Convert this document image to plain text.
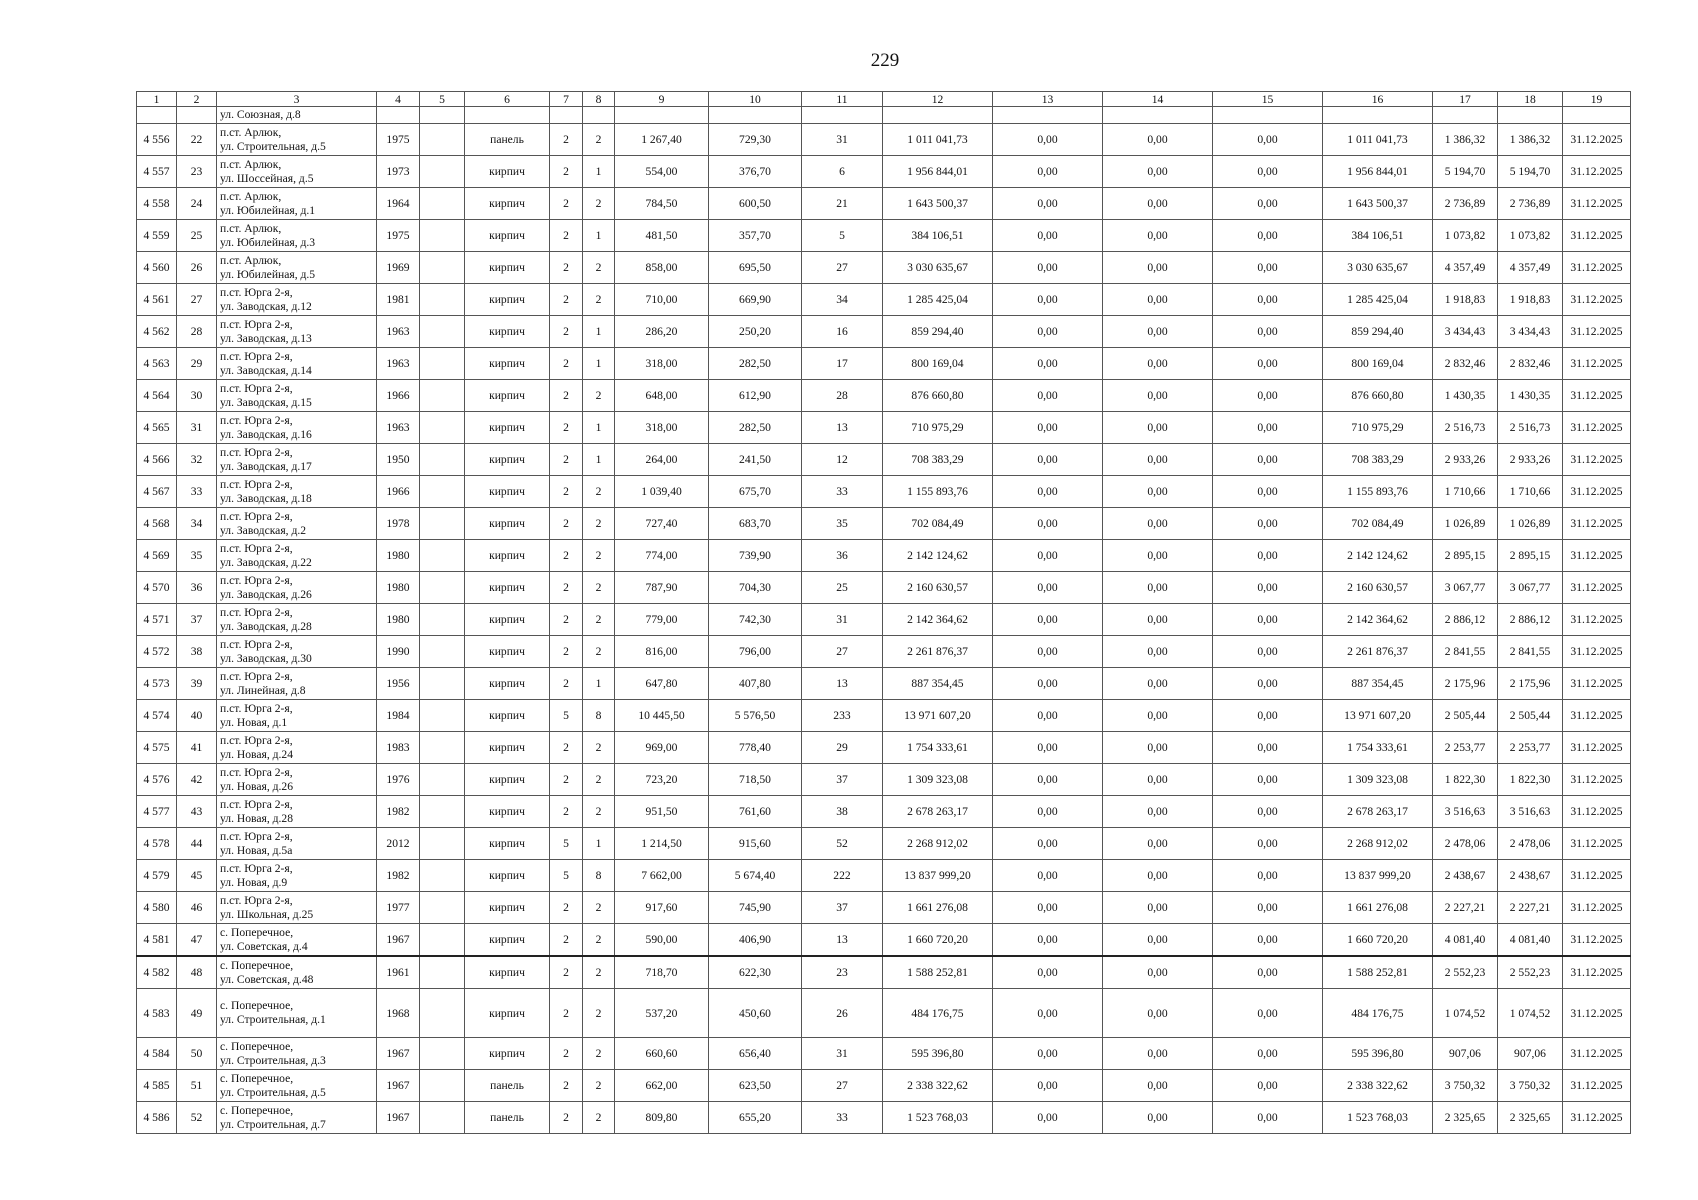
229
1	2	3	4	5	6	7	8	9	10	11	12	13	14	15	16	17	18	19
		ул. Союзная, д.8																
4 556	22	п.ст. Арлюк,
ул. Строительная, д.5	1975		панель	2	2	1 267,40	729,30	31	1 011 041,73	0,00	0,00	0,00	1 011 041,73	1 386,32	1 386,32	31.12.2025
4 557	23	п.ст. Арлюк,
ул. Шоссейная, д.5	1973		кирпич	2	1	554,00	376,70	6	1 956 844,01	0,00	0,00	0,00	1 956 844,01	5 194,70	5 194,70	31.12.2025
4 558	24	п.ст. Арлюк,
ул. Юбилейная, д.1	1964		кирпич	2	2	784,50	600,50	21	1 643 500,37	0,00	0,00	0,00	1 643 500,37	2 736,89	2 736,89	31.12.2025
4 559	25	п.ст. Арлюк,
ул. Юбилейная, д.3	1975		кирпич	2	1	481,50	357,70	5	384 106,51	0,00	0,00	0,00	384 106,51	1 073,82	1 073,82	31.12.2025
4 560	26	п.ст. Арлюк,
ул. Юбилейная, д.5	1969		кирпич	2	2	858,00	695,50	27	3 030 635,67	0,00	0,00	0,00	3 030 635,67	4 357,49	4 357,49	31.12.2025
4 561	27	п.ст. Юрга 2-я,
ул. Заводская, д.12	1981		кирпич	2	2	710,00	669,90	34	1 285 425,04	0,00	0,00	0,00	1 285 425,04	1 918,83	1 918,83	31.12.2025
4 562	28	п.ст. Юрга 2-я,
ул. Заводская, д.13	1963		кирпич	2	1	286,20	250,20	16	859 294,40	0,00	0,00	0,00	859 294,40	3 434,43	3 434,43	31.12.2025
4 563	29	п.ст. Юрга 2-я,
ул. Заводская, д.14	1963		кирпич	2	1	318,00	282,50	17	800 169,04	0,00	0,00	0,00	800 169,04	2 832,46	2 832,46	31.12.2025
4 564	30	п.ст. Юрга 2-я,
ул. Заводская, д.15	1966		кирпич	2	2	648,00	612,90	28	876 660,80	0,00	0,00	0,00	876 660,80	1 430,35	1 430,35	31.12.2025
4 565	31	п.ст. Юрга 2-я,
ул. Заводская, д.16	1963		кирпич	2	1	318,00	282,50	13	710 975,29	0,00	0,00	0,00	710 975,29	2 516,73	2 516,73	31.12.2025
4 566	32	п.ст. Юрга 2-я,
ул. Заводская, д.17	1950		кирпич	2	1	264,00	241,50	12	708 383,29	0,00	0,00	0,00	708 383,29	2 933,26	2 933,26	31.12.2025
4 567	33	п.ст. Юрга 2-я,
ул. Заводская, д.18	1966		кирпич	2	2	1 039,40	675,70	33	1 155 893,76	0,00	0,00	0,00	1 155 893,76	1 710,66	1 710,66	31.12.2025
4 568	34	п.ст. Юрга 2-я,
ул. Заводская, д.2	1978		кирпич	2	2	727,40	683,70	35	702 084,49	0,00	0,00	0,00	702 084,49	1 026,89	1 026,89	31.12.2025
4 569	35	п.ст. Юрга 2-я,
ул. Заводская, д.22	1980		кирпич	2	2	774,00	739,90	36	2 142 124,62	0,00	0,00	0,00	2 142 124,62	2 895,15	2 895,15	31.12.2025
4 570	36	п.ст. Юрга 2-я,
ул. Заводская, д.26	1980		кирпич	2	2	787,90	704,30	25	2 160 630,57	0,00	0,00	0,00	2 160 630,57	3 067,77	3 067,77	31.12.2025
4 571	37	п.ст. Юрга 2-я,
ул. Заводская, д.28	1980		кирпич	2	2	779,00	742,30	31	2 142 364,62	0,00	0,00	0,00	2 142 364,62	2 886,12	2 886,12	31.12.2025
4 572	38	п.ст. Юрга 2-я,
ул. Заводская, д.30	1990		кирпич	2	2	816,00	796,00	27	2 261 876,37	0,00	0,00	0,00	2 261 876,37	2 841,55	2 841,55	31.12.2025
4 573	39	п.ст. Юрга 2-я,
ул. Линейная, д.8	1956		кирпич	2	1	647,80	407,80	13	887 354,45	0,00	0,00	0,00	887 354,45	2 175,96	2 175,96	31.12.2025
4 574	40	п.ст. Юрга 2-я,
ул. Новая, д.1	1984		кирпич	5	8	10 445,50	5 576,50	233	13 971 607,20	0,00	0,00	0,00	13 971 607,20	2 505,44	2 505,44	31.12.2025
4 575	41	п.ст. Юрга 2-я,
ул. Новая, д.24	1983		кирпич	2	2	969,00	778,40	29	1 754 333,61	0,00	0,00	0,00	1 754 333,61	2 253,77	2 253,77	31.12.2025
4 576	42	п.ст. Юрга 2-я,
ул. Новая, д.26	1976		кирпич	2	2	723,20	718,50	37	1 309 323,08	0,00	0,00	0,00	1 309 323,08	1 822,30	1 822,30	31.12.2025
4 577	43	п.ст. Юрга 2-я,
ул. Новая, д.28	1982		кирпич	2	2	951,50	761,60	38	2 678 263,17	0,00	0,00	0,00	2 678 263,17	3 516,63	3 516,63	31.12.2025
4 578	44	п.ст. Юрга 2-я,
ул. Новая, д.5а	2012		кирпич	5	1	1 214,50	915,60	52	2 268 912,02	0,00	0,00	0,00	2 268 912,02	2 478,06	2 478,06	31.12.2025
4 579	45	п.ст. Юрга 2-я,
ул. Новая, д.9	1982		кирпич	5	8	7 662,00	5 674,40	222	13 837 999,20	0,00	0,00	0,00	13 837 999,20	2 438,67	2 438,67	31.12.2025
4 580	46	п.ст. Юрга 2-я,
ул. Школьная, д.25	1977		кирпич	2	2	917,60	745,90	37	1 661 276,08	0,00	0,00	0,00	1 661 276,08	2 227,21	2 227,21	31.12.2025
4 581	47	с. Поперечное,
ул. Советская, д.4	1967		кирпич	2	2	590,00	406,90	13	1 660 720,20	0,00	0,00	0,00	1 660 720,20	4 081,40	4 081,40	31.12.2025
4 582	48	с. Поперечное,
ул. Советская, д.48	1961		кирпич	2	2	718,70	622,30	23	1 588 252,81	0,00	0,00	0,00	1 588 252,81	2 552,23	2 552,23	31.12.2025
4 583	49	с. Поперечное,
ул. Строительная, д.1	1968		кирпич	2	2	537,20	450,60	26	484 176,75	0,00	0,00	0,00	484 176,75	1 074,52	1 074,52	31.12.2025
4 584	50	с. Поперечное,
ул. Строительная, д.3	1967		кирпич	2	2	660,60	656,40	31	595 396,80	0,00	0,00	0,00	595 396,80	907,06	907,06	31.12.2025
4 585	51	с. Поперечное,
ул. Строительная, д.5	1967		панель	2	2	662,00	623,50	27	2 338 322,62	0,00	0,00	0,00	2 338 322,62	3 750,32	3 750,32	31.12.2025
4 586	52	с. Поперечное,
ул. Строительная, д.7	1967		панель	2	2	809,80	655,20	33	1 523 768,03	0,00	0,00	0,00	1 523 768,03	2 325,65	2 325,65	31.12.2025
